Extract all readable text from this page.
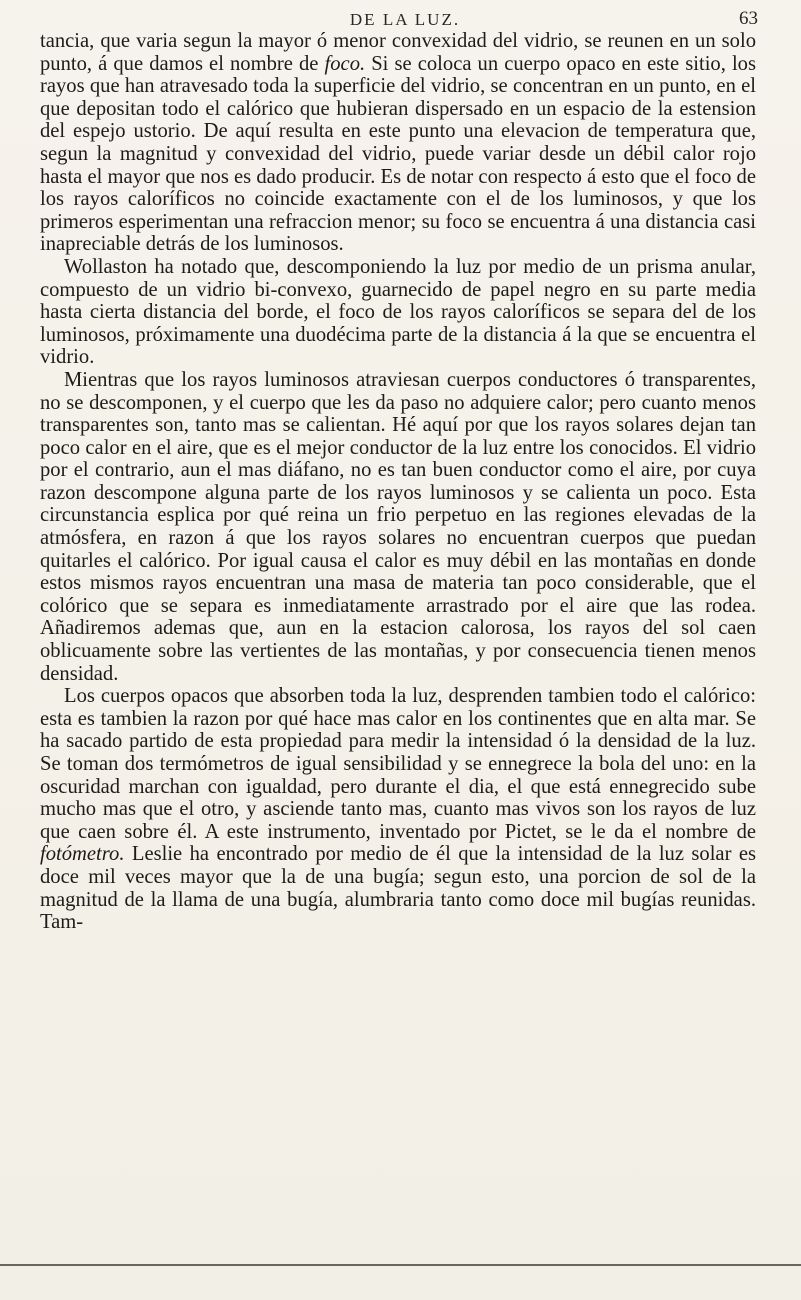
DE LA LUZ.	63

tancia, que varia segun la mayor ó menor convexidad del vidrio, se reunen en un solo punto, á que damos el nombre de foco. Si se coloca un cuerpo opaco en este sitio, los rayos que han atravesado toda la superficie del vidrio, se concentran en un punto, en el que depositan todo el calórico que hubieran dispersado en un espacio de la estension del espejo ustorio. De aquí resulta en este punto una elevacion de temperatura que, segun la magnitud y convexidad del vidrio, puede variar desde un débil calor rojo hasta el mayor que nos es dado producir. Es de notar con respecto á esto que el foco de los rayos caloríficos no coincide exactamente con el de los luminosos, y que los primeros esperimentan una refraccion menor; su foco se encuentra á una distancia casi inapreciable detrás de los luminosos.

Wollaston ha notado que, descomponiendo la luz por medio de un prisma anular, compuesto de un vidrio bi-convexo, guarnecido de papel negro en su parte media hasta cierta distancia del borde, el foco de los rayos caloríficos se separa del de los luminosos, próximamente una duodécima parte de la distancia á la que se encuentra el vidrio.

Mientras que los rayos luminosos atraviesan cuerpos conductores ó transparentes, no se descomponen, y el cuerpo que les da paso no adquiere calor; pero cuanto menos transparentes son, tanto mas se calientan. Hé aquí por que los rayos solares dejan tan poco calor en el aire, que es el mejor conductor de la luz entre los conocidos. El vidrio por el contrario, aun el mas diáfano, no es tan buen conductor como el aire, por cuya razon descompone alguna parte de los rayos luminosos y se calienta un poco. Esta circunstancia esplica por qué reina un frio perpetuo en las regiones elevadas de la atmósfera, en razon á que los rayos solares no encuentran cuerpos que puedan quitarles el calórico. Por igual causa el calor es muy débil en las montañas en donde estos mismos rayos encuentran una masa de materia tan poco considerable, que el colórico que se separa es inmediatamente arrastrado por el aire que las rodea. Añadiremos ademas que, aun en la estacion calorosa, los rayos del sol caen oblicuamente sobre las vertientes de las montañas, y por consecuencia tienen menos densidad.

Los cuerpos opacos que absorben toda la luz, desprenden tambien todo el calórico: esta es tambien la razon por qué hace mas calor en los continentes que en alta mar. Se ha sacado partido de esta propiedad para medir la intensidad ó la densidad de la luz. Se toman dos termómetros de igual sensibilidad y se ennegrece la bola del uno: en la oscuridad marchan con igualdad, pero durante el dia, el que está ennegrecido sube mucho mas que el otro, y asciende tanto mas, cuanto mas vivos son los rayos de luz que caen sobre él. A este instrumento, inventado por Pictet, se le da el nombre de fotómetro. Leslie ha encontrado por medio de él que la intensidad de la luz solar es doce mil veces mayor que la de una bugía; segun esto, una porcion de sol de la magnitud de la llama de una bugía, alumbraria tanto como doce mil bugías reunidas. Tam-
